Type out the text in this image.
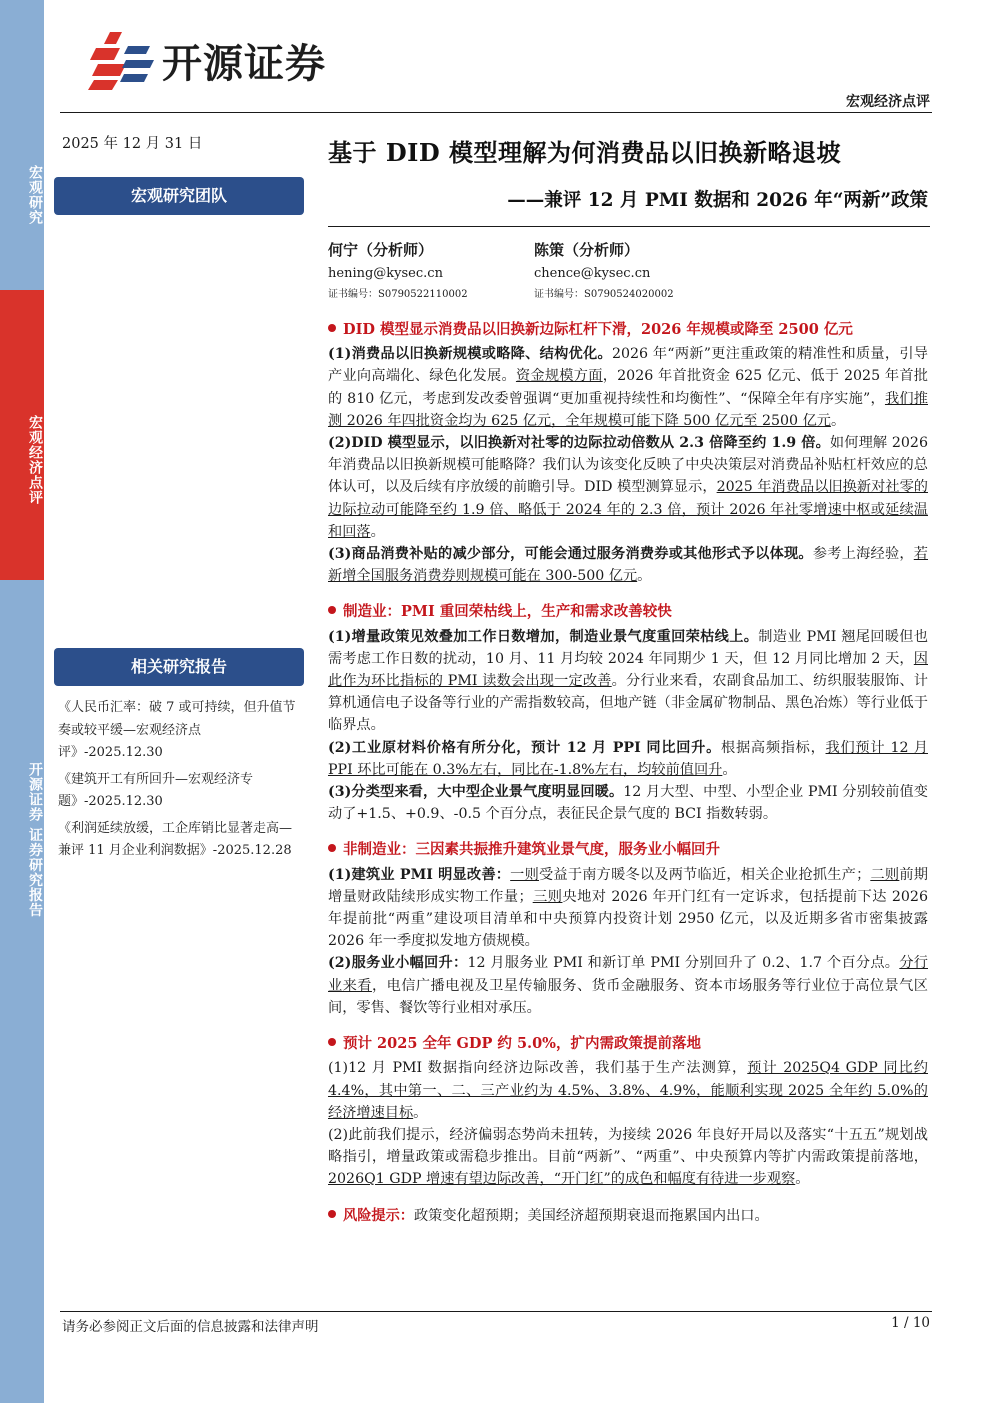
宏观研究
宏观经济点评
开源证券 证券研究报告
开源证券
宏观经济点评
2025 年 12 月 31 日
宏观研究团队
相关研究报告

《人民币汇率：破 7 或可持续，但升值节奏或较平缓—宏观经济点评》-2025.12.30

《建筑开工有所回升—宏观经济专题》-2025.12.30

《利润延续放缓，工企库销比显著走高—兼评 11 月企业利润数据》-2025.12.28

基于 DID 模型理解为何消费品以旧换新略退坡
——兼评 12 月 PMI 数据和 2026 年“两新”政策
何宁（分析师）
hening@kysec.cn
证书编号：S0790522110002
陈策（分析师）
chence@kysec.cn
证书编号：S0790524020002
DID 模型显示消费品以旧换新边际杠杆下滑，2026 年规模或降至 2500 亿元
(1)消费品以旧换新规模或略降、结构优化。2026 年“两新”更注重政策的精准性和质量，引导产业向高端化、绿色化发展。资金规模方面，2026 年首批资金 625 亿元、低于 2025 年首批的 810 亿元，考虑到发改委曾强调“更加重视持续性和均衡性”、“保障全年有序实施”，我们推测 2026 年四批资金均为 625 亿元，全年规模可能下降 500 亿元至 2500 亿元。
(2)DID 模型显示，以旧换新对社零的边际拉动倍数从 2.3 倍降至约 1.9 倍。如何理解 2026 年消费品以旧换新规模可能略降？我们认为该变化反映了中央决策层对消费品补贴杠杆效应的总体认可，以及后续有序放缓的前瞻引导。DID 模型测算显示，2025 年消费品以旧换新对社零的边际拉动可能降至约 1.9 倍、略低于 2024 年的 2.3 倍，预计 2026 年社零增速中枢或延续温和回落。
(3)商品消费补贴的减少部分，可能会通过服务消费券或其他形式予以体现。参考上海经验，若新增全国服务消费券则规模可能在 300-500 亿元。
制造业：PMI 重回荣枯线上，生产和需求改善较快
(1)增量政策见效叠加工作日数增加，制造业景气度重回荣枯线上。制造业 PMI 翘尾回暖但也需考虑工作日数的扰动，10 月、11 月均较 2024 年同期少 1 天，但 12 月同比增加 2 天，因此作为环比指标的 PMI 读数会出现一定改善。分行业来看，农副食品加工、纺织服装服饰、计算机通信电子设备等行业的产需指数较高，但地产链（非金属矿物制品、黑色冶炼）等行业低于临界点。
(2)工业原材料价格有所分化，预计 12 月 PPI 同比回升。根据高频指标，我们预计 12 月 PPI 环比可能在 0.3%左右，同比在-1.8%左右，均较前值回升。
(3)分类型来看，大中型企业景气度明显回暖。12 月大型、中型、小型企业 PMI 分别较前值变动了+1.5、+0.9、-0.5 个百分点，表征民企景气度的 BCI 指数转弱。
非制造业：三因素共振推升建筑业景气度，服务业小幅回升
(1)建筑业 PMI 明显改善：一则受益于南方暖冬以及两节临近，相关企业抢抓生产；二则前期增量财政陆续形成实物工作量；三则央地对 2026 年开门红有一定诉求，包括提前下达 2026 年提前批“两重”建设项目清单和中央预算内投资计划 2950 亿元，以及近期多省市密集披露 2026 年一季度拟发地方债规模。
(2)服务业小幅回升：12 月服务业 PMI 和新订单 PMI 分别回升了 0.2、1.7 个百分点。分行业来看，电信广播电视及卫星传输服务、货币金融服务、资本市场服务等行业位于高位景气区间，零售、餐饮等行业相对承压。
预计 2025 全年 GDP 约 5.0%，扩内需政策提前落地
(1)12 月 PMI 数据指向经济边际改善，我们基于生产法测算，预计 2025Q4 GDP 同比约 4.4%，其中第一、二、三产业约为 4.5%、3.8%、4.9%，能顺利实现 2025 全年约 5.0%的经济增速目标。
(2)此前我们提示，经济偏弱态势尚未扭转，为接续 2026 年良好开局以及落实“十五五”规划战略指引，增量政策或需稳步推出。目前“两新”、“两重”、中央预算内等扩内需政策提前落地，2026Q1 GDP 增速有望边际改善，“开门红”的成色和幅度有待进一步观察。
风险提示：政策变化超预期；美国经济超预期衰退而拖累国内出口。
请务必参阅正文后面的信息披露和法律声明	1 / 10
